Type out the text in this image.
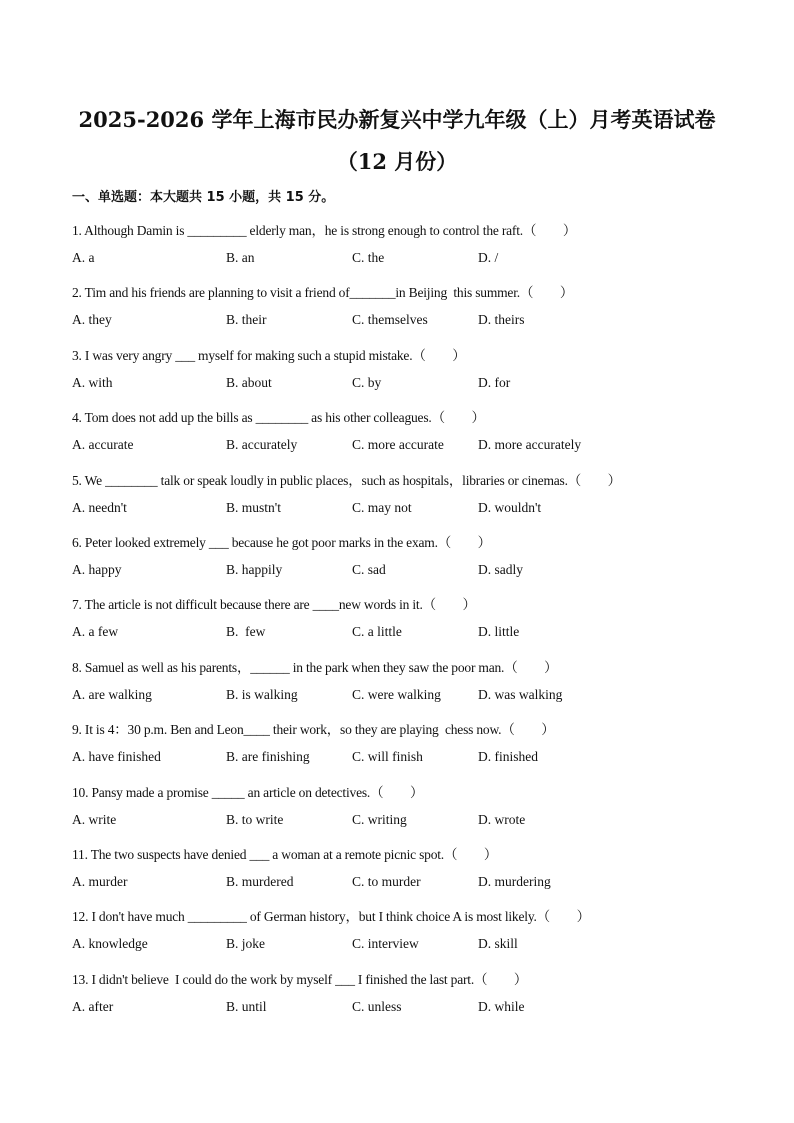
2025-2026 学年上海市民办新复兴中学九年级（上）月考英语试卷
（12 月份）
一、单选题：本大题共 15 小题，共 15 分。
1. Although Damin is _________ elderly man，he is strong enough to control the raft.（　　）
A. a	B. an	C. the	D. /
2. Tim and his friends are planning to visit a friend of_______in Beijing  this summer.（　　）
A. they	B. their	C. themselves	D. theirs
3. I was very angry ___ myself for making such a stupid mistake.（　　）
A. with	B. about	C. by	D. for
4. Tom does not add up the bills as ________ as his other colleagues.（　　）
A. accurate	B. accurately	C. more accurate	D. more accurately
5. We ________ talk or speak loudly in public places，such as hospitals，libraries or cinemas.（　　）
A. needn't	B. mustn't	C. may not	D. wouldn't
6. Peter looked extremely ___ because he got poor marks in the exam.（　　）
A. happy	B. happily	C. sad	D. sadly
7. The article is not difficult because there are ____new words in it.（　　）
A. a few	B.  few	C. a little	D. little
8. Samuel as well as his parents，______ in the park when they saw the poor man.（　　）
A. are walking	B. is walking	C. were walking	D. was walking
9. It is 4：30 p.m. Ben and Leon____ their work，so they are playing  chess now.（　　）
A. have finished	B. are finishing	C. will finish	D. finished
10. Pansy made a promise _____ an article on detectives.（　　）
A. write	B. to write	C. writing	D. wrote
11. The two suspects have denied ___ a woman at a remote picnic spot.（　　）
A. murder	B. murdered	C. to murder	D. murdering
12. I don't have much _________ of German history，but I think choice A is most likely.（　　）
A. knowledge	B. joke	C. interview	D. skill
13. I didn't believe  I could do the work by myself ___ I finished the last part.（　　）
A. after	B. until	C. unless	D. while
